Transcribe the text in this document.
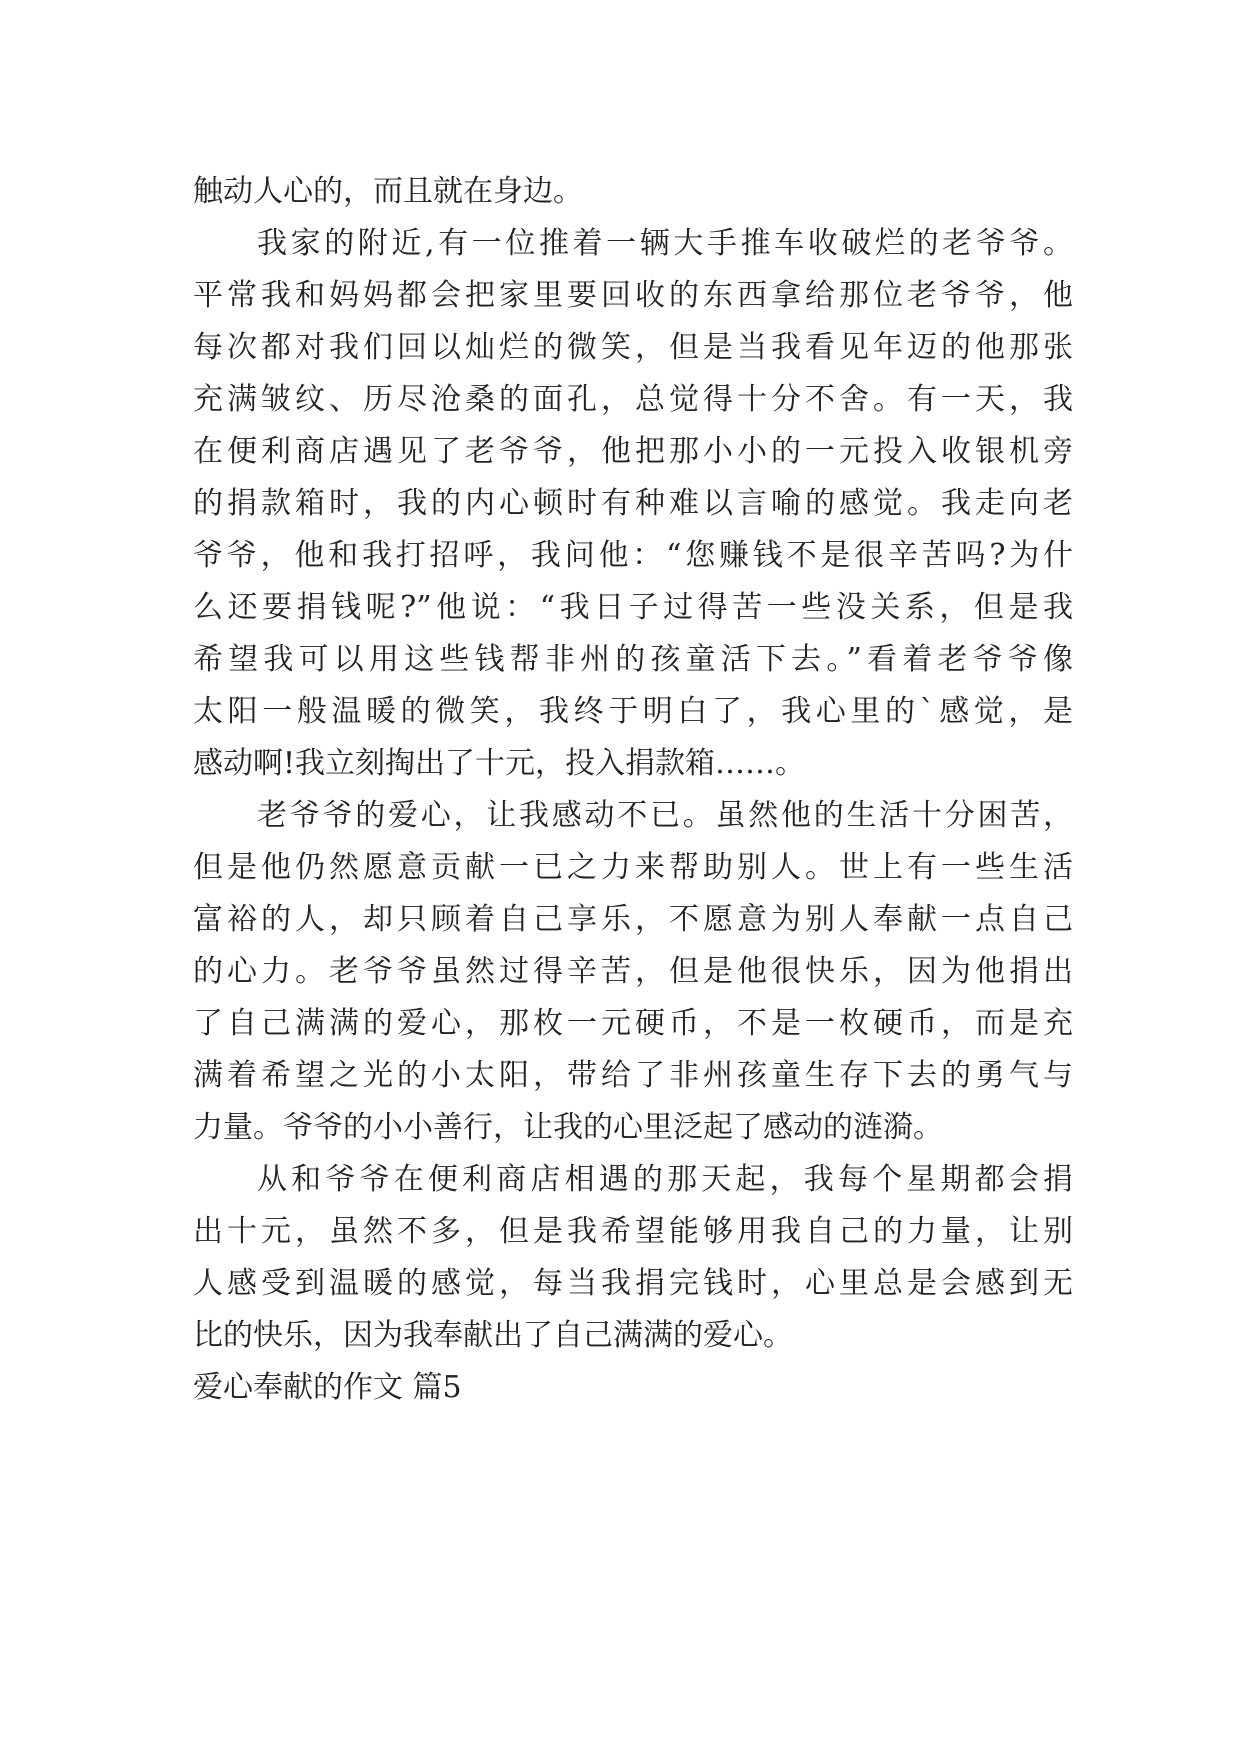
触动人心的，而且就在身边。
我家的附近,有一位推着一辆大手推车收破烂的老爷爷。
平常我和妈妈都会把家里要回收的东西拿给那位老爷爷，他
每次都对我们回以灿烂的微笑，但是当我看见年迈的他那张
充满皱纹、历尽沧桑的面孔，总觉得十分不舍。有一天，我
在便利商店遇见了老爷爷，他把那小小的一元投入收银机旁
的捐款箱时，我的内心顿时有种难以言喻的感觉。我走向老
爷爷，他和我打招呼，我问他：“您赚钱不是很辛苦吗?为什
么还要捐钱呢?”他说：“我日子过得苦一些没关系，但是我
希望我可以用这些钱帮非州的孩童活下去。”看着老爷爷像
太阳一般温暖的微笑，我终于明白了，我心里的`感觉，是
感动啊!我立刻掏出了十元，投入捐款箱……。
老爷爷的爱心，让我感动不已。虽然他的生活十分困苦，
但是他仍然愿意贡献一已之力来帮助别人。世上有一些生活
富裕的人，却只顾着自己享乐，不愿意为别人奉献一点自己
的心力。老爷爷虽然过得辛苦，但是他很快乐，因为他捐出
了自己满满的爱心，那枚一元硬币，不是一枚硬币，而是充
满着希望之光的小太阳，带给了非州孩童生存下去的勇气与
力量。爷爷的小小善行，让我的心里泛起了感动的涟漪。
从和爷爷在便利商店相遇的那天起，我每个星期都会捐
出十元，虽然不多，但是我希望能够用我自己的力量，让别
人感受到温暖的感觉，每当我捐完钱时，心里总是会感到无
比的快乐，因为我奉献出了自己满满的爱心。
爱心奉献的作文 篇5
